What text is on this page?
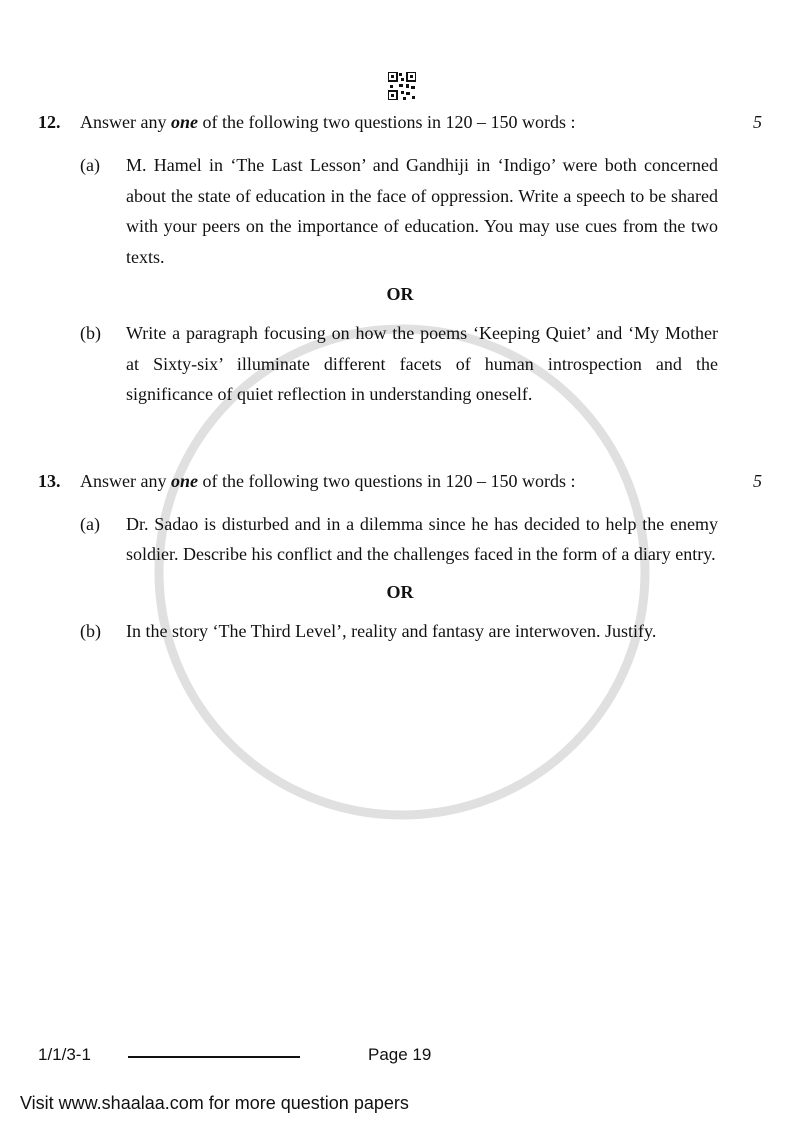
12.	Answer any one of the following two questions in 120 – 150 words :	5
(a)	M. Hamel in ‘The Last Lesson’ and Gandhiji in ‘Indigo’ were both concerned about the state of education in the face of oppression. Write a speech to be shared with your peers on the importance of education. You may use cues from the two texts.
OR
(b)	Write a paragraph focusing on how the poems ‘Keeping Quiet’ and ‘My Mother at Sixty-six’ illuminate different facets of human introspection and the significance of quiet reflection in understanding oneself.
13.	Answer any one of the following two questions in 120 – 150 words :	5
(a)	Dr. Sadao is disturbed and in a dilemma since he has decided to help the enemy soldier. Describe his conflict and the challenges faced in the form of a diary entry.
OR
(b)	In the story ‘The Third Level’, reality and fantasy are interwoven. Justify.
1/1/3-1	Page 19
Visit www.shaalaa.com for more question papers
